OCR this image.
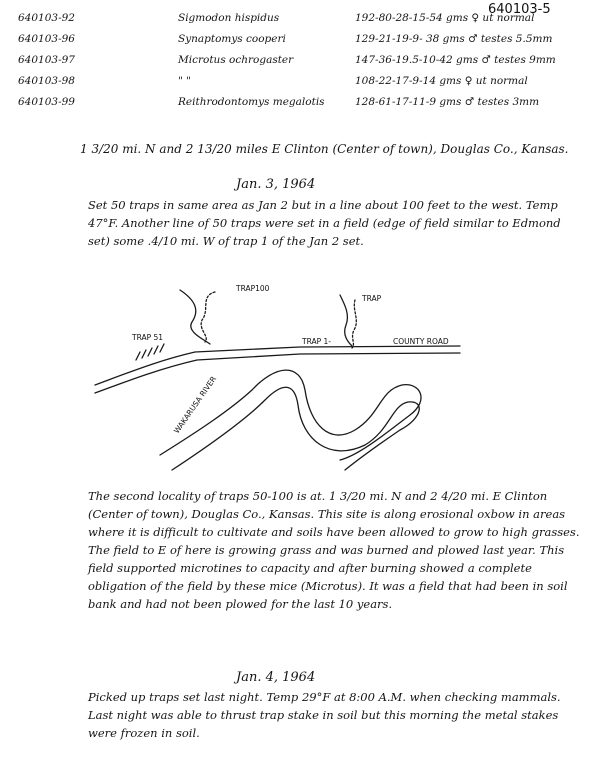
640103-5
640103-92	Sigmodon hispidus	192-80-28-15-54 gms ♀ ut normal
640103-96	Synaptomys cooperi	129-21-19-9- 38 gms ♂ testes 5.5mm
640103-97	Microtus ochrogaster	147-36-19.5-10-42 gms ♂ testes 9mm
640103-98	" "	108-22-17-9-14 gms ♀ ut normal
640103-99	Reithrodontomys megalotis	128-61-17-11-9 gms ♂ testes 3mm
1 3/20 mi. N and 2 13/20 miles E Clinton (Center of town), Douglas Co., Kansas.
Jan. 3, 1964
Set 50 traps in same area as Jan 2 but in a line about 100 feet to the west. Temp 47°F. Another line of 50 traps were set in a field (edge of field similar to Edmond set) some .4/10 mi. W of trap 1 of the Jan 2 set.
TRAP100
TRAP 51
TRAP
TRAP 1-	COUNTY ROAD
WAKARUSA RIVER
The second locality of traps 50-100 is at. 1 3/20 mi. N and 2 4/20 mi. E Clinton (Center of town), Douglas Co., Kansas. This site is along erosional oxbow in areas where it is difficult to cultivate and soils have been allowed to grow to high grasses. The field to E of here is growing grass and was burned and plowed last year. This field supported microtines to capacity and after burning showed a complete obligation of the field by these mice (Microtus). It was a field that had been in soil bank and had not been plowed for the last 10 years.
Jan. 4, 1964
Picked up traps set last night. Temp 29°F at 8:00 A.M. when checking mammals. Last night was able to thrust trap stake in soil but this morning the metal stakes were frozen in soil.
